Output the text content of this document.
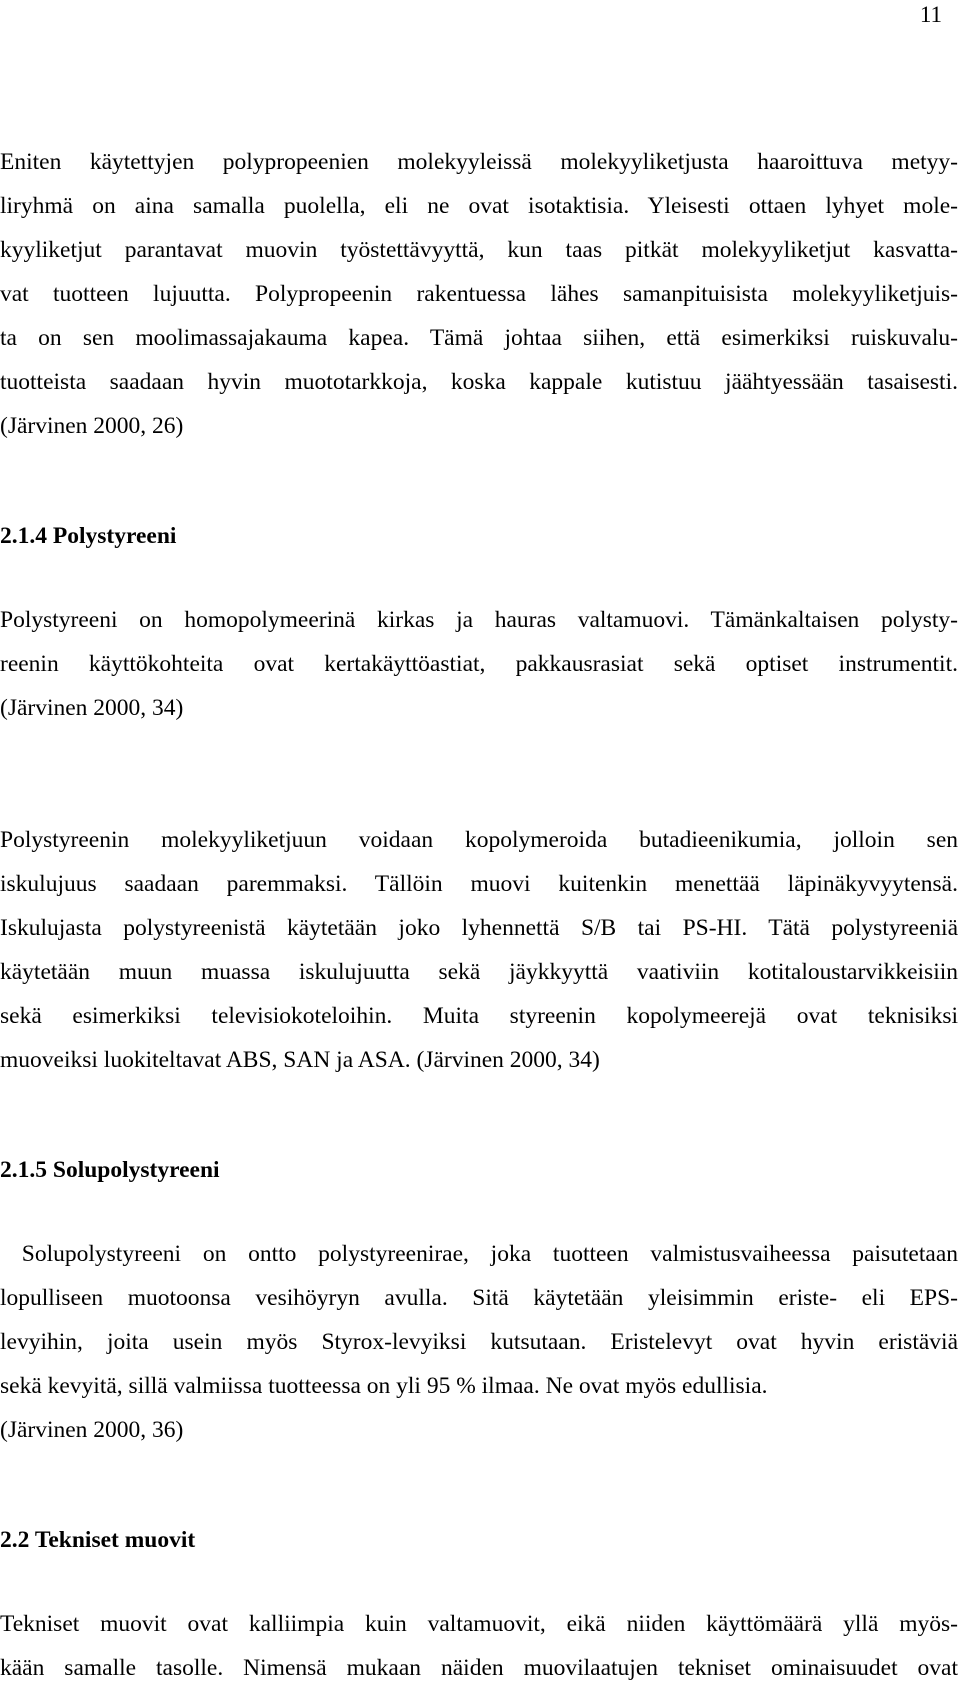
11
Eniten käytettyjen polypropeenien molekyyleissä molekyyliketjusta haaroittuva metyy-
liryhmä on aina samalla puolella, eli ne ovat isotaktisia. Yleisesti ottaen lyhyet mole-
kyyliketjut parantavat muovin työstettävyyttä, kun taas pitkät molekyyliketjut kasvatta-
vat tuotteen lujuutta. Polypropeenin rakentuessa lähes samanpituisista molekyyliketjuis-
ta on sen moolimassajakauma kapea. Tämä johtaa siihen, että esimerkiksi ruiskuvalu-
tuotteista saadaan hyvin muototarkkoja, koska kappale kutistuu jäähtyessään tasaisesti.
(Järvinen 2000, 26)
2.1.4 Polystyreeni
Polystyreeni on homopolymeerinä kirkas ja hauras valtamuovi. Tämänkaltaisen polysty-
reenin käyttökohteita ovat kertakäyttöastiat, pakkausrasiat sekä optiset instrumentit.
(Järvinen 2000, 34)
Polystyreenin molekyyliketjuun voidaan kopolymeroida butadieenikumia, jolloin sen
iskulujuus saadaan paremmaksi. Tällöin muovi kuitenkin menettää läpinäkyvyytensä.
Iskulujasta polystyreenistä käytetään joko lyhennettä S/B tai PS-HI. Tätä polystyreeniä
käytetään muun muassa iskulujuutta sekä jäykkyyttä vaativiin kotitaloustarvikkeisiin
sekä esimerkiksi televisiokoteloihin. Muita styreenin kopolymeerejä ovat teknisiksi
muoveiksi luokiteltavat ABS, SAN ja ASA. (Järvinen 2000, 34)
2.1.5 Solupolystyreeni
Solupolystyreeni on ontto polystyreenirae, joka tuotteen valmistusvaiheessa paisutetaan
lopulliseen muotoonsa vesihöyryn avulla. Sitä käytetään yleisimmin eriste- eli EPS-
levyihin, joita usein myös Styrox-levyiksi kutsutaan. Eristelevyt ovat hyvin eristäviä
sekä kevyitä, sillä valmiissa tuotteessa on yli 95 % ilmaa. Ne ovat myös edullisia.
(Järvinen 2000, 36)
2.2 Tekniset muovit
Tekniset muovit ovat kalliimpia kuin valtamuovit, eikä niiden käyttömäärä yllä myös-
kään samalle tasolle. Nimensä mukaan näiden muovilaatujen tekniset ominaisuudet ovat
